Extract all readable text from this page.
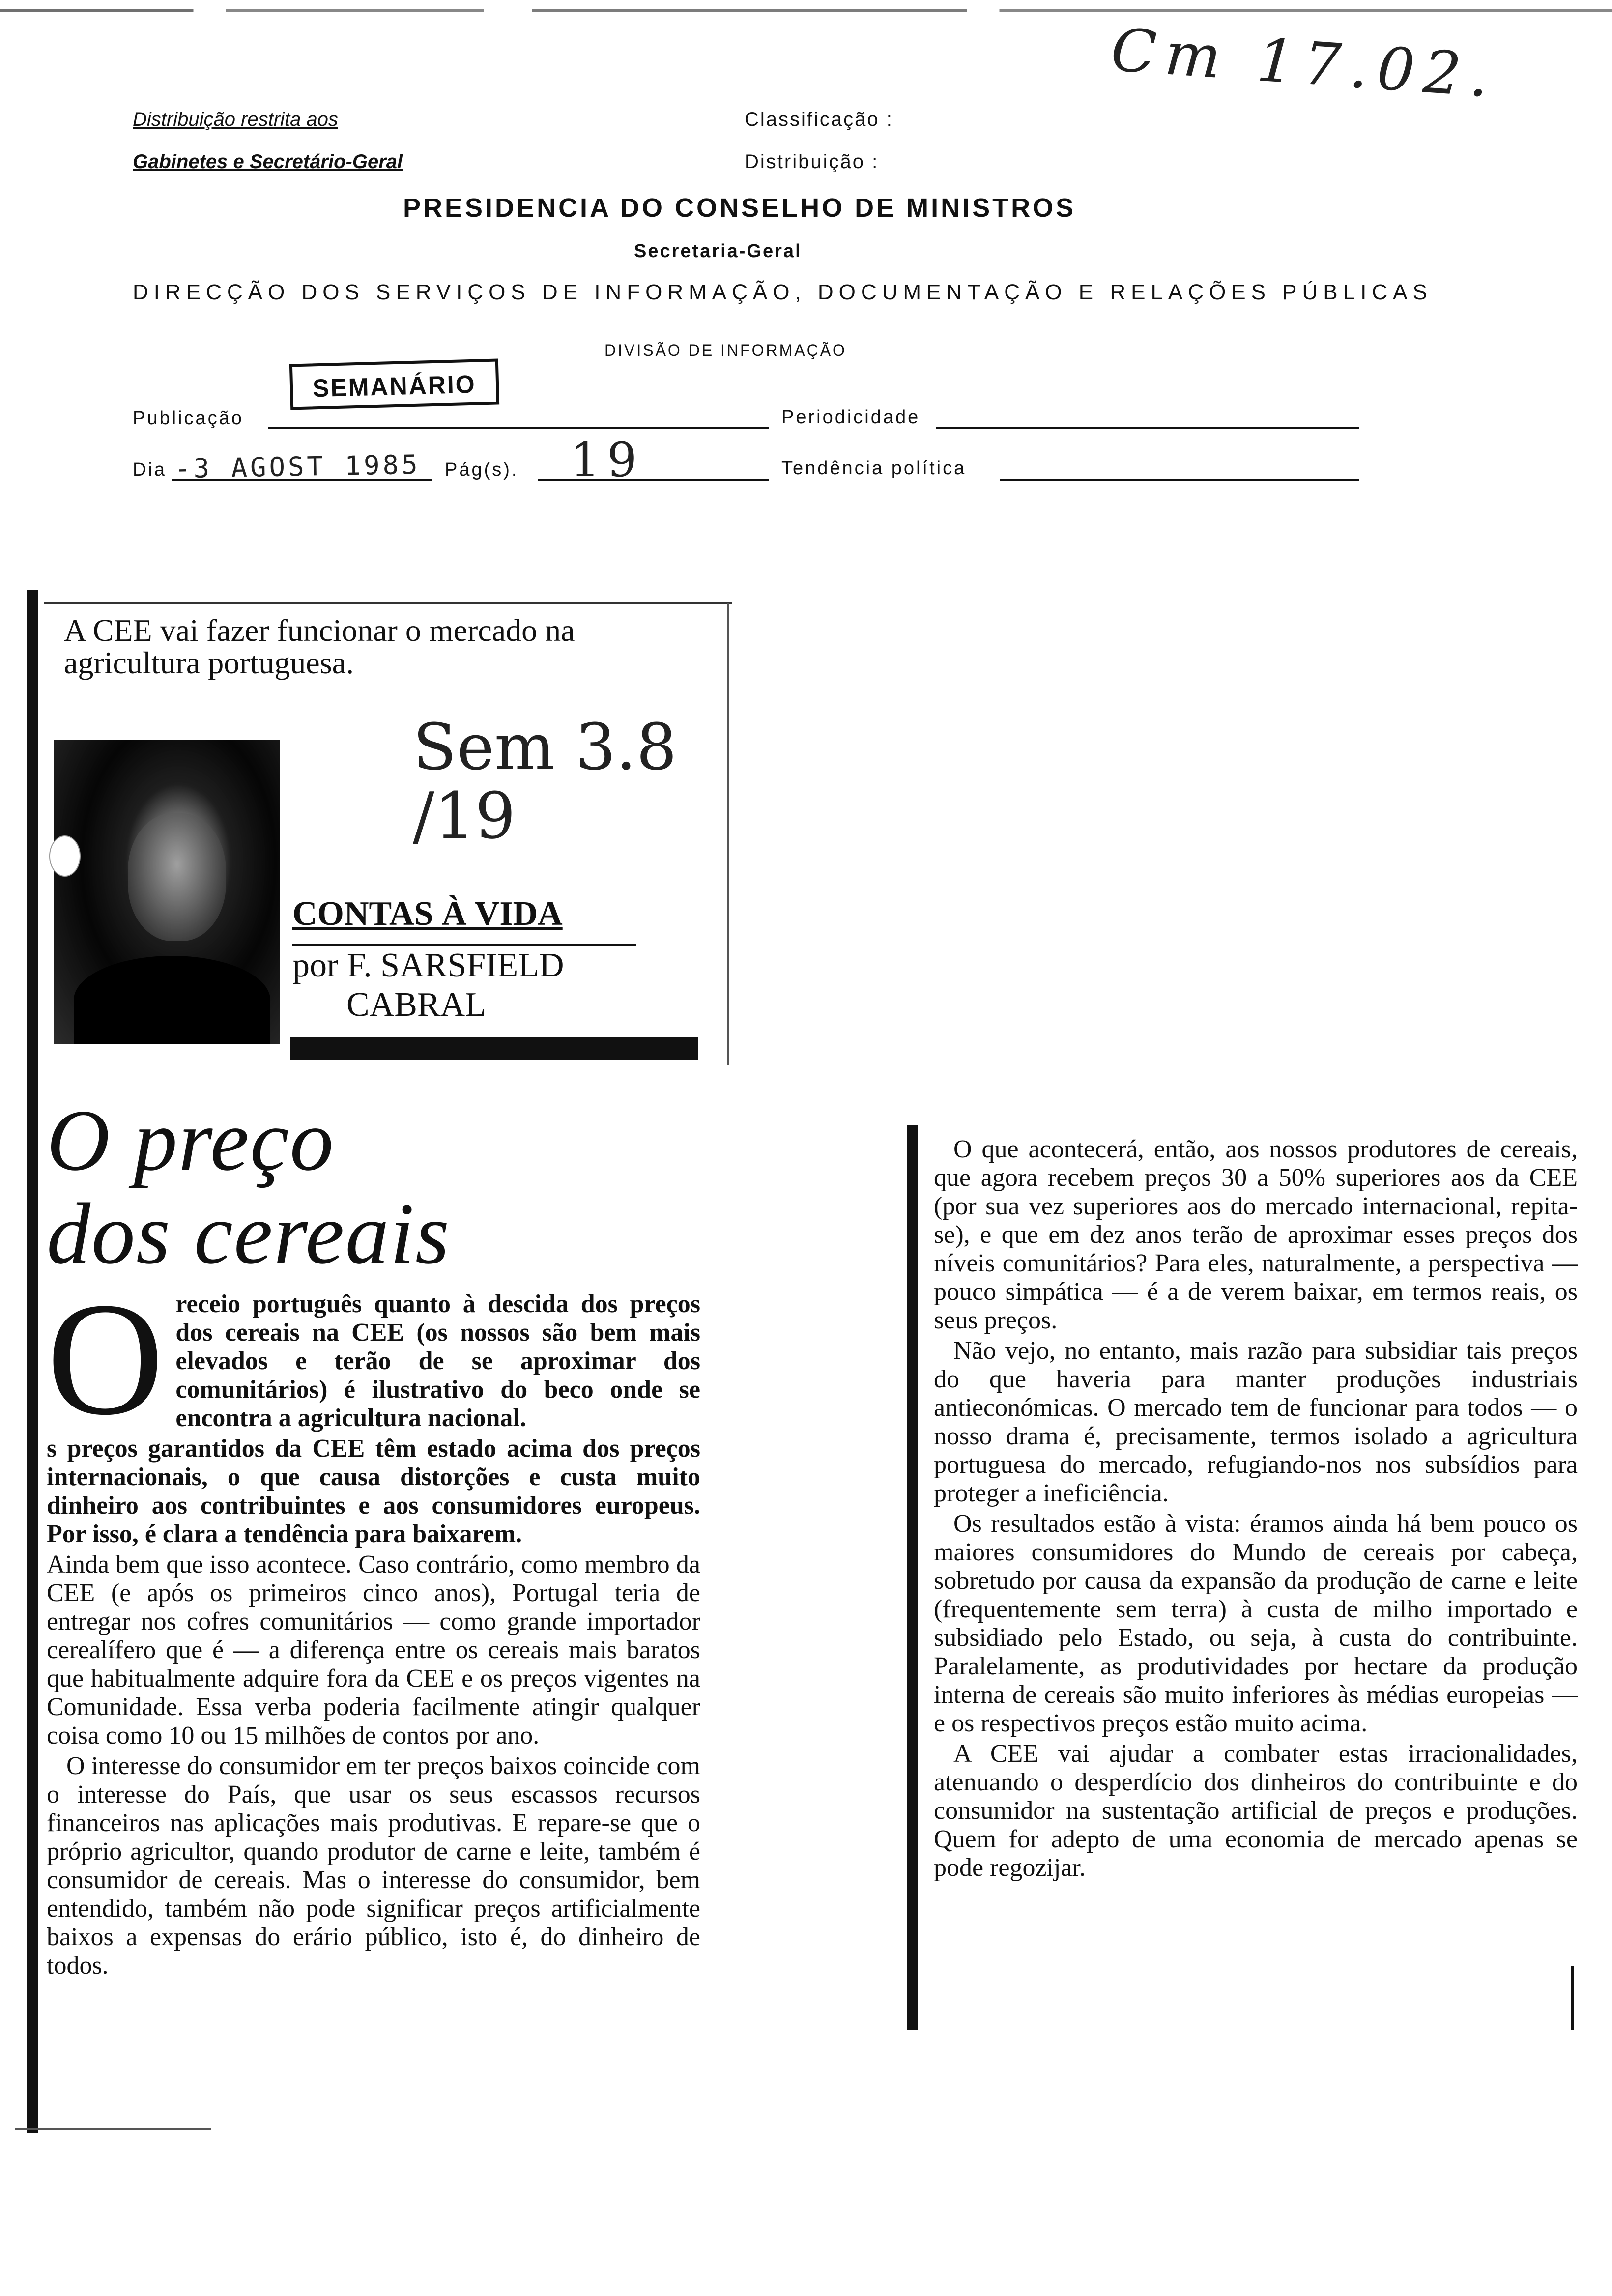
Distribuição restrita aos
Gabinetes e Secretário-Geral
Classificação :
Distribuição :
Cm 17.02.
PRESIDENCIA DO CONSELHO DE MINISTROS
Secretaria-Geral
DIRECÇÃO DOS SERVIÇOS DE INFORMAÇÃO, DOCUMENTAÇÃO E RELAÇÕES PÚBLICAS
DIVISÃO DE INFORMAÇÃO
Publicação
SEMANÁRIO
Periodicidade
Dia -3 AGOST 1985 Pág(s). 19	Tendência política
A CEE vai fazer funcionar o mercado na agricultura portuguesa.
Sem 3.8 /19
CONTAS À VIDA
por F. SARSFIELD
CABRAL
O preço
dos cereais
O receio português quanto à descida dos preços dos cereais na CEE (os nossos são bem mais elevados e terão de se aproximar dos comunitários) é ilustrativo do beco onde se encontra a agricultura nacional.

s preços garantidos da CEE têm estado acima dos preços internacionais, o que causa distorções e custa muito dinheiro aos contribuintes e aos consumidores europeus. Por isso, é clara a tendência para baixarem.

Ainda bem que isso acontece. Caso contrário, como membro da CEE (e após os primeiros cinco anos), Portugal teria de entregar nos cofres comunitários — como grande importador cerealífero que é — a diferença entre os cereais mais baratos que habitualmente adquire fora da CEE e os preços vigentes na Comunidade. Essa verba poderia facilmente atingir qualquer coisa como 10 ou 15 milhões de contos por ano.

O interesse do consumidor em ter preços baixos coincide com o interesse do País, que usar os seus escassos recursos financeiros nas aplicações mais produtivas. E repare-se que o próprio agricultor, quando produtor de carne e leite, também é consumidor de cereais. Mas o interesse do consumidor, bem entendido, também não pode significar preços artificialmente baixos a expensas do erário público, isto é, do dinheiro de todos.

O que acontecerá, então, aos nossos produtores de cereais, que agora recebem preços 30 a 50% superiores aos da CEE (por sua vez superiores aos do mercado internacional, repita-se), e que em dez anos terão de aproximar esses preços dos níveis comunitários? Para eles, naturalmente, a perspectiva — pouco simpática — é a de verem baixar, em termos reais, os seus preços.

Não vejo, no entanto, mais razão para subsidiar tais preços do que haveria para manter produções industriais antieconómicas. O mercado tem de funcionar para todos — o nosso drama é, precisamente, termos isolado a agricultura portuguesa do mercado, refugiando-nos nos subsídios para proteger a ineficiência.

Os resultados estão à vista: éramos ainda há bem pouco os maiores consumidores do Mundo de cereais por cabeça, sobretudo por causa da expansão da produção de carne e leite (frequentemente sem terra) à custa de milho importado e subsidiado pelo Estado, ou seja, à custa do contribuinte. Paralelamente, as produtividades por hectare da produção interna de cereais são muito inferiores às médias europeias — e os respectivos preços estão muito acima.

A CEE vai ajudar a combater estas irracionalidades, atenuando o desperdício dos dinheiros do contribuinte e do consumidor na sustentação artificial de preços e produções. Quem for adepto de uma economia de mercado apenas se pode regozijar.
